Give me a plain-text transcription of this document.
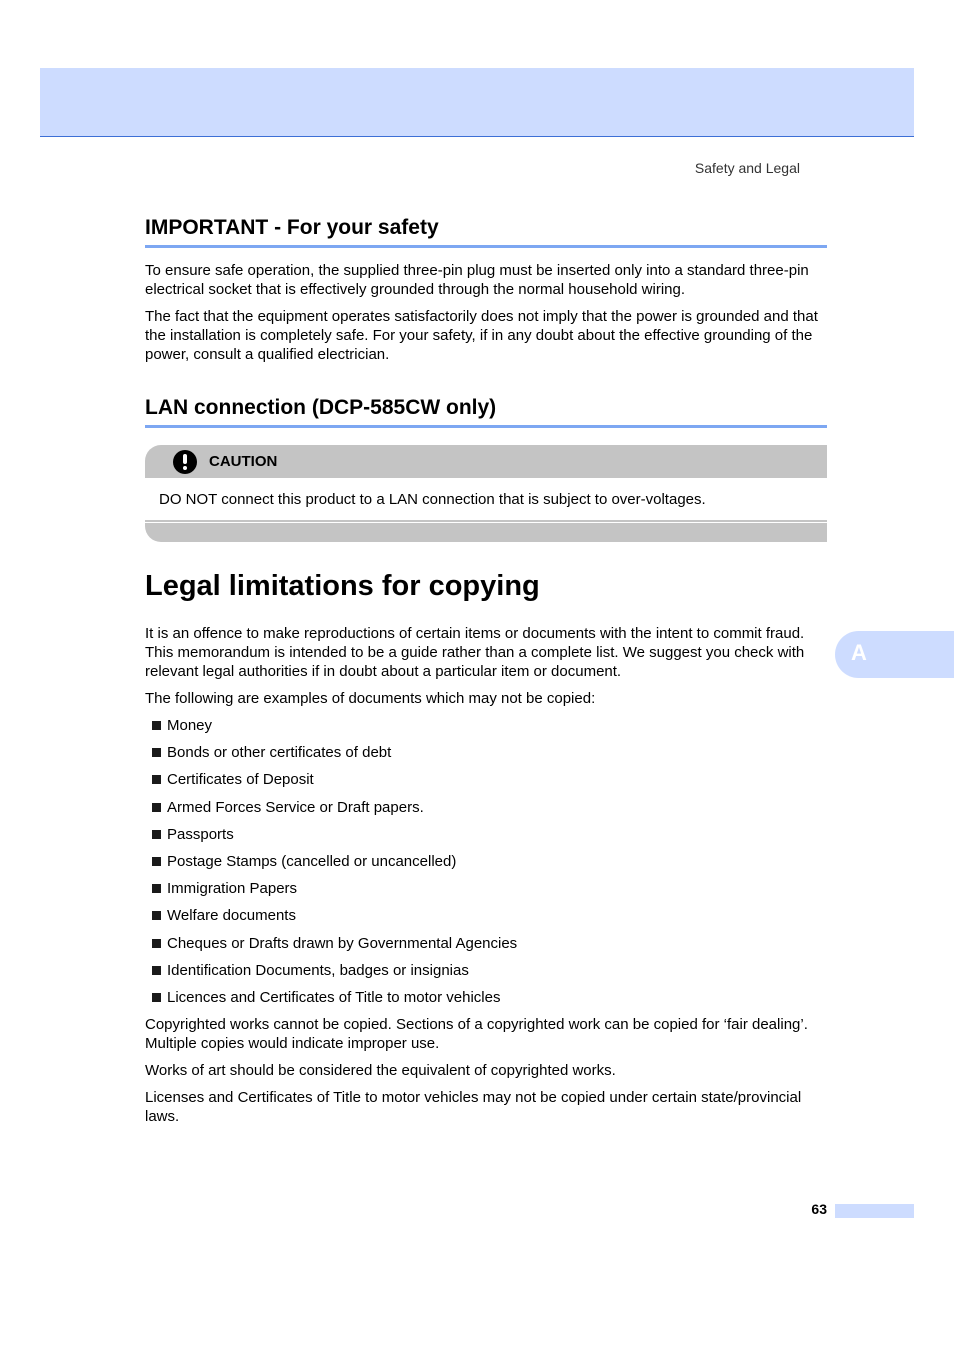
Safety and Legal
IMPORTANT - For your safety

To ensure safe operation, the supplied three-pin plug must be inserted only into a standard three-pin electrical socket that is effectively grounded through the normal household wiring.

The fact that the equipment operates satisfactorily does not imply that the power is grounded and that the installation is completely safe. For your safety, if in any doubt about the effective grounding of the power, consult a qualified electrician.

LAN connection (DCP-585CW only)
CAUTION

DO NOT connect this product to a LAN connection that is subject to over-voltages.

Legal limitations for copying

It is an offence to make reproductions of certain items or documents with the intent to commit fraud. This memorandum is intended to be a guide rather than a complete list. We suggest you check with relevant legal authorities if in doubt about a particular item or document.

The following are examples of documents which may not be copied:

Money
Bonds or other certificates of debt
Certificates of Deposit
Armed Forces Service or Draft papers.
Passports
Postage Stamps (cancelled or uncancelled)
Immigration Papers
Welfare documents
Cheques or Drafts drawn by Governmental Agencies
Identification Documents, badges or insignias
Licences and Certificates of Title to motor vehicles

Copyrighted works cannot be copied. Sections of a copyrighted work can be copied for ‘fair dealing’. Multiple copies would indicate improper use.

Works of art should be considered the equivalent of copyrighted works.

Licenses and Certificates of Title to motor vehicles may not be copied under certain state/provincial laws.

A
63
